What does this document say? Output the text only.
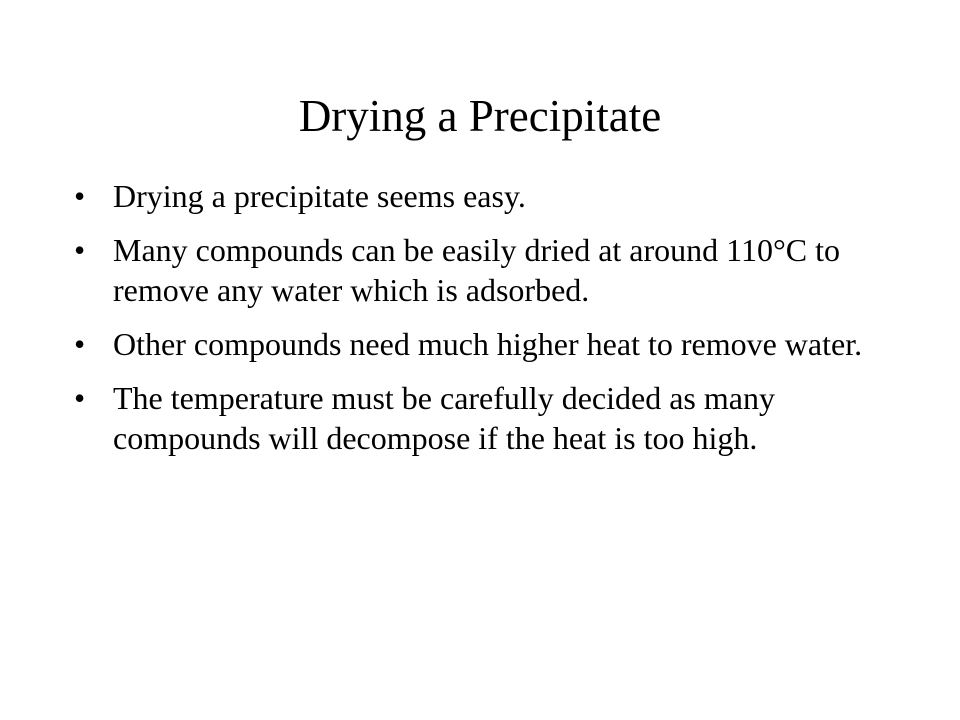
Drying a Precipitate
• Drying a precipitate seems easy.
• Many compounds can be easily dried at around 110°C to remove any water which is adsorbed.
• Other compounds need much higher heat to remove water.
• The temperature must be carefully decided as many compounds will decompose if the heat is too high.
